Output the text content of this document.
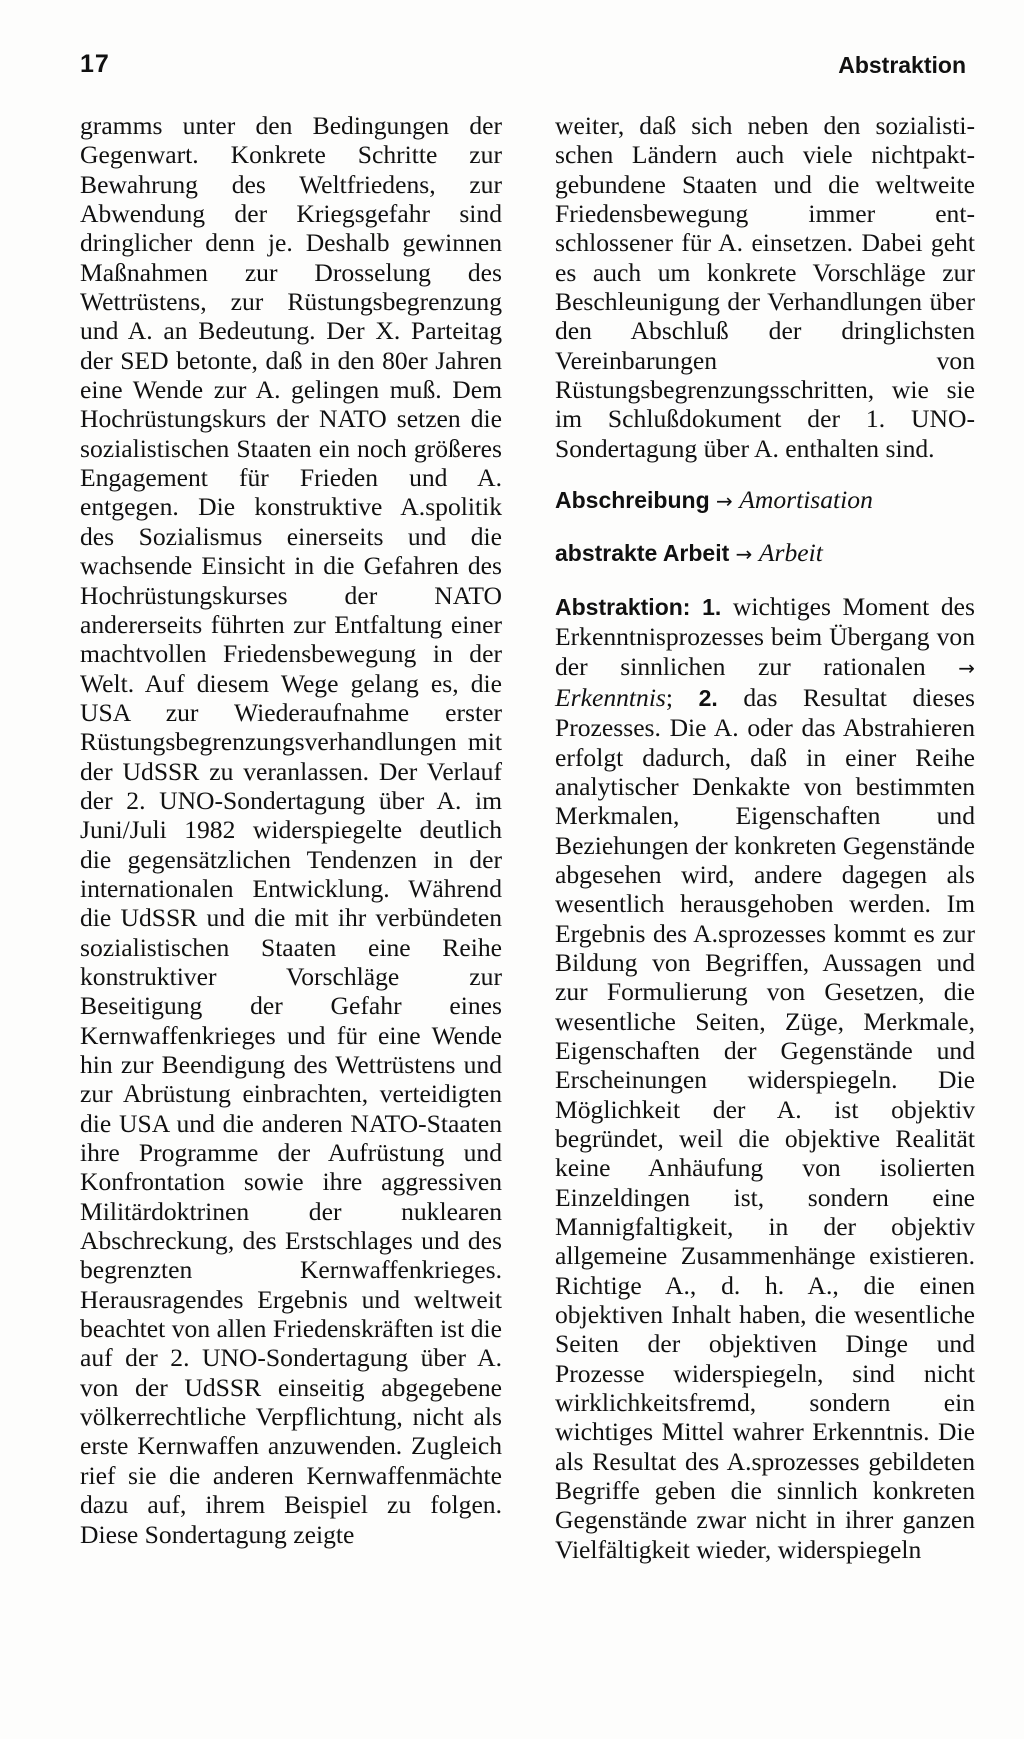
17	Abstraktion

gramms unter den Bedingungen der Gegenwart. Konkrete Schritte zur Bewahrung des Weltfriedens, zur Abwendung der Kriegsgefahr sind dringlicher denn je. Deshalb gewinnen Maßnahmen zur Drosselung des Wettrüstens, zur Rüstungsbegrenzung und A. an Bedeutung. Der X. Parteitag der SED betonte, daß in den 80er Jahren eine Wende zur A. gelingen muß. Dem Hochrüstungskurs der NATO setzen die sozialistischen Staaten ein noch größeres Engagement für Frieden und A. entgegen. Die konstruktive A.spolitik des Sozialismus einerseits und die wachsende Einsicht in die Gefahren des Hochrüstungskurses der NATO andererseits führten zur Entfaltung einer machtvollen Friedensbewegung in der Welt. Auf diesem Wege gelang es, die USA zur Wiederaufnahme erster Rüstungsbegrenzungsverhandlungen mit der UdSSR zu veranlassen. Der Verlauf der 2. UNO-Sondertagung über A. im Juni/Juli 1982 widerspiegelte deutlich die gegensätzlichen Tendenzen in der internationalen Entwicklung. Während die UdSSR und die mit ihr verbündeten sozialistischen Staaten eine Reihe konstruktiver Vorschläge zur Beseitigung der Gefahr eines Kernwaffenkrieges und für eine Wende hin zur Beendigung des Wettrüstens und zur Abrüstung einbrachten, verteidigten die USA und die anderen NATO-Staaten ihre Programme der Aufrüstung und Konfrontation sowie ihre aggressiven Militärdoktrinen der nuklearen Abschreckung, des Erstschlages und des begrenzten Kernwaffenkrieges. Herausragendes Ergebnis und weltweit beachtet von allen Friedenskräften ist die auf der 2. UNO-Sondertagung über A. von der UdSSR einseitig abgegebene völkerrechtliche Verpflichtung, nicht als erste Kernwaffen anzuwenden. Zugleich rief sie die anderen Kernwaffenmächte dazu auf, ihrem Beispiel zu folgen. Diese Sondertagung zeigte

weiter, daß sich neben den sozialistischen Ländern auch viele nichtpaktgebundene Staaten und die weltweite Friedensbewegung immer entschlossener für A. einsetzen. Dabei geht es auch um konkrete Vorschläge zur Beschleunigung der Verhandlungen über den Abschluß der dringlichsten Vereinbarungen von Rüstungsbegrenzungsschritten, wie sie im Schlußdokument der 1. UNO-Sondertagung über A. enthalten sind.

Abschreibung → Amortisation

abstrakte Arbeit → Arbeit

Abstraktion: 1. wichtiges Moment des Erkenntnisprozesses beim Übergang von der sinnlichen zur rationalen → Erkenntnis; 2. das Resultat dieses Prozesses. Die A. oder das Abstrahieren erfolgt dadurch, daß in einer Reihe analytischer Denkakte von bestimmten Merkmalen, Eigenschaften und Beziehungen der konkreten Gegenstände abgesehen wird, andere dagegen als wesentlich herausgehoben werden. Im Ergebnis des A.sprozesses kommt es zur Bildung von Begriffen, Aussagen und zur Formulierung von Gesetzen, die wesentliche Seiten, Züge, Merkmale, Eigenschaften der Gegenstände und Erscheinungen widerspiegeln. Die Möglichkeit der A. ist objektiv begründet, weil die objektive Realität keine Anhäufung von isolierten Einzeldingen ist, sondern eine Mannigfaltigkeit, in der objektiv allgemeine Zusammenhänge existieren. Richtige A., d. h. A., die einen objektiven Inhalt haben, die wesentliche Seiten der objektiven Dinge und Prozesse widerspiegeln, sind nicht wirklichkeitsfremd, sondern ein wichtiges Mittel wahrer Erkenntnis. Die als Resultat des A.sprozesses gebildeten Begriffe geben die sinnlich konkreten Gegenstände zwar nicht in ihrer ganzen Vielfältigkeit wieder, widerspiegeln
